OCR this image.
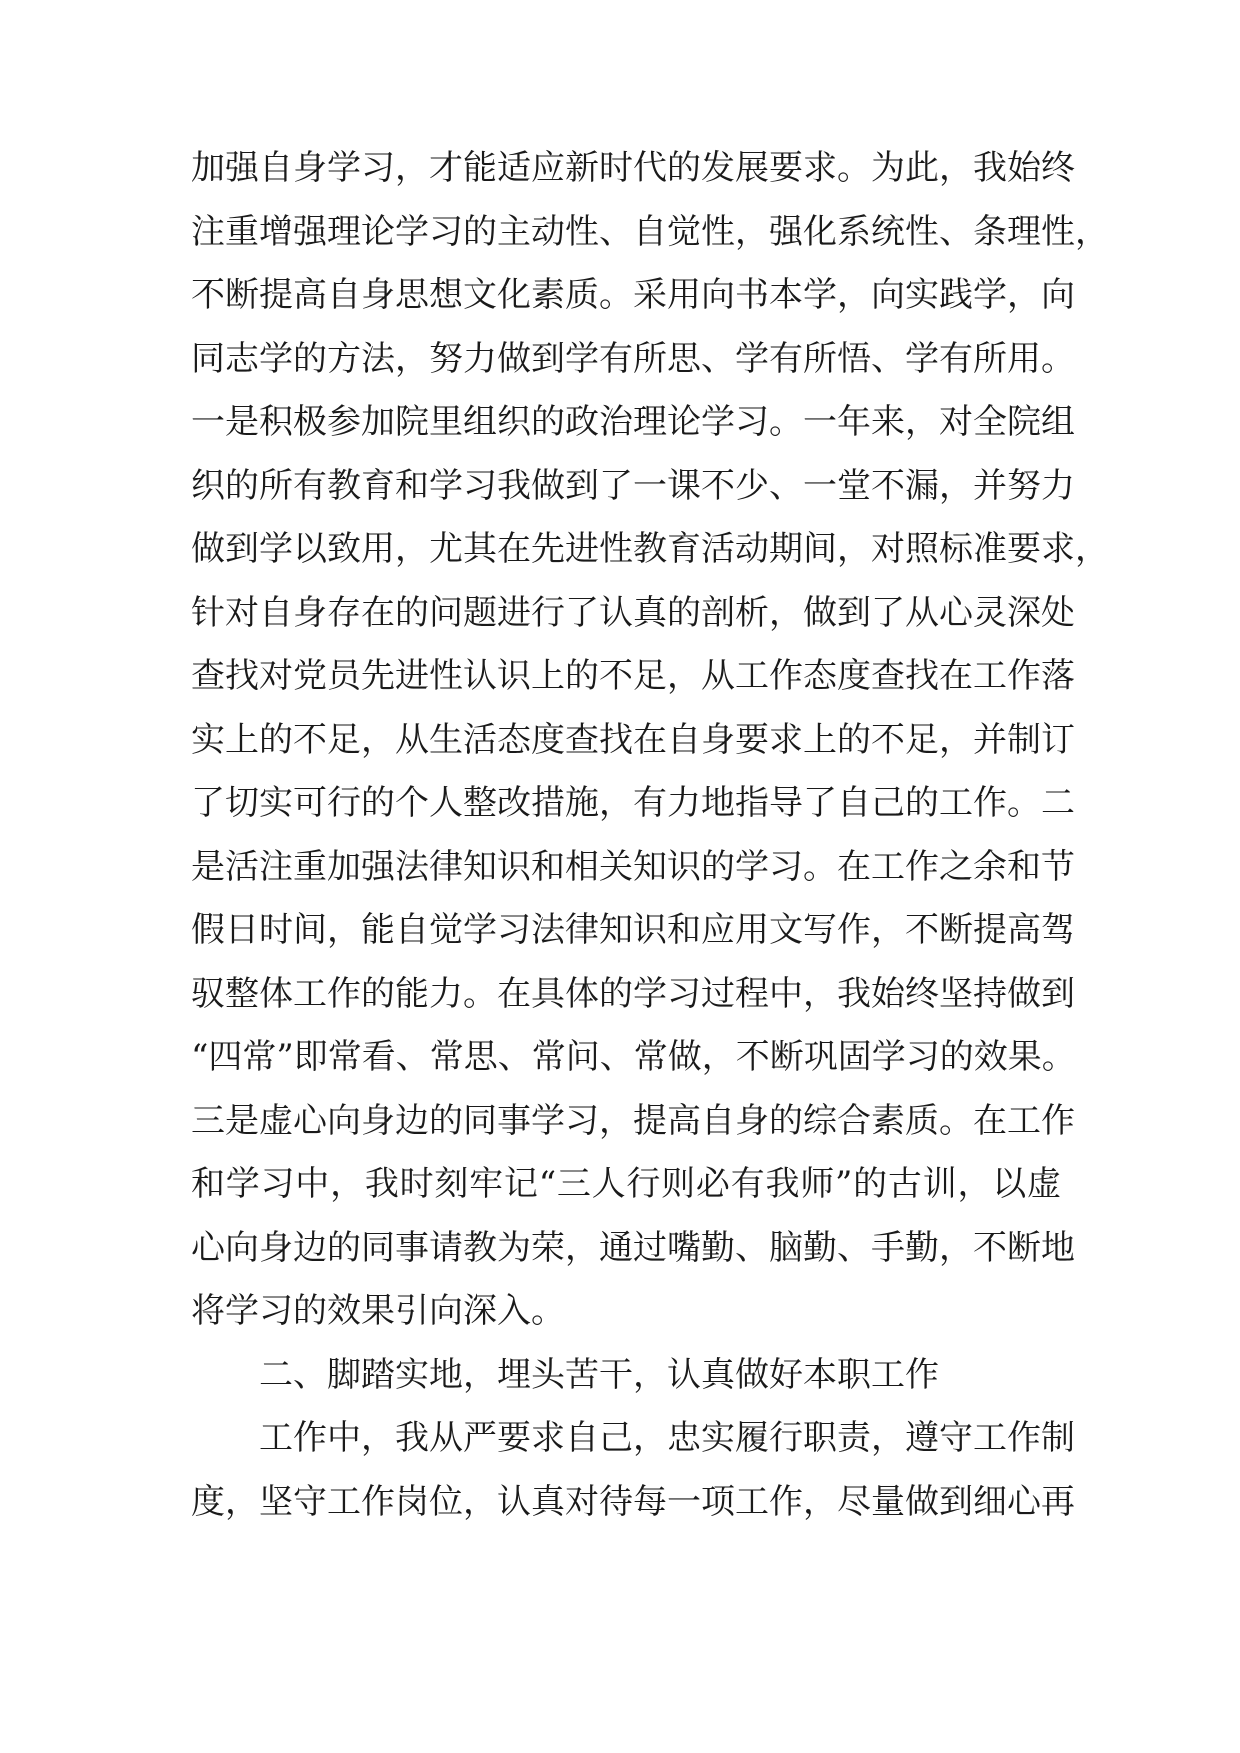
加强自身学习，才能适应新时代的发展要求。为此，我始终
注重增强理论学习的主动性、自觉性，强化系统性、条理性，
不断提高自身思想文化素质。采用向书本学，向实践学，向
同志学的方法，努力做到学有所思、学有所悟、学有所用。
一是积极参加院里组织的政治理论学习。一年来，对全院组
织的所有教育和学习我做到了一课不少、一堂不漏，并努力
做到学以致用，尤其在先进性教育活动期间，对照标准要求，
针对自身存在的问题进行了认真的剖析，做到了从心灵深处
查找对党员先进性认识上的不足，从工作态度查找在工作落
实上的不足，从生活态度查找在自身要求上的不足，并制订
了切实可行的个人整改措施，有力地指导了自己的工作。二
是活注重加强法律知识和相关知识的学习。在工作之余和节
假日时间，能自觉学习法律知识和应用文写作，不断提高驾
驭整体工作的能力。在具体的学习过程中，我始终坚持做到
“四常”即常看、常思、常问、常做，不断巩固学习的效果。
三是虚心向身边的同事学习，提高自身的综合素质。在工作
和学习中，我时刻牢记“三人行则必有我师”的古训，以虚
心向身边的同事请教为荣，通过嘴勤、脑勤、手勤，不断地
将学习的效果引向深入。
二、脚踏实地，埋头苦干，认真做好本职工作
工作中，我从严要求自己，忠实履行职责，遵守工作制
度，坚守工作岗位，认真对待每一项工作，尽量做到细心再
